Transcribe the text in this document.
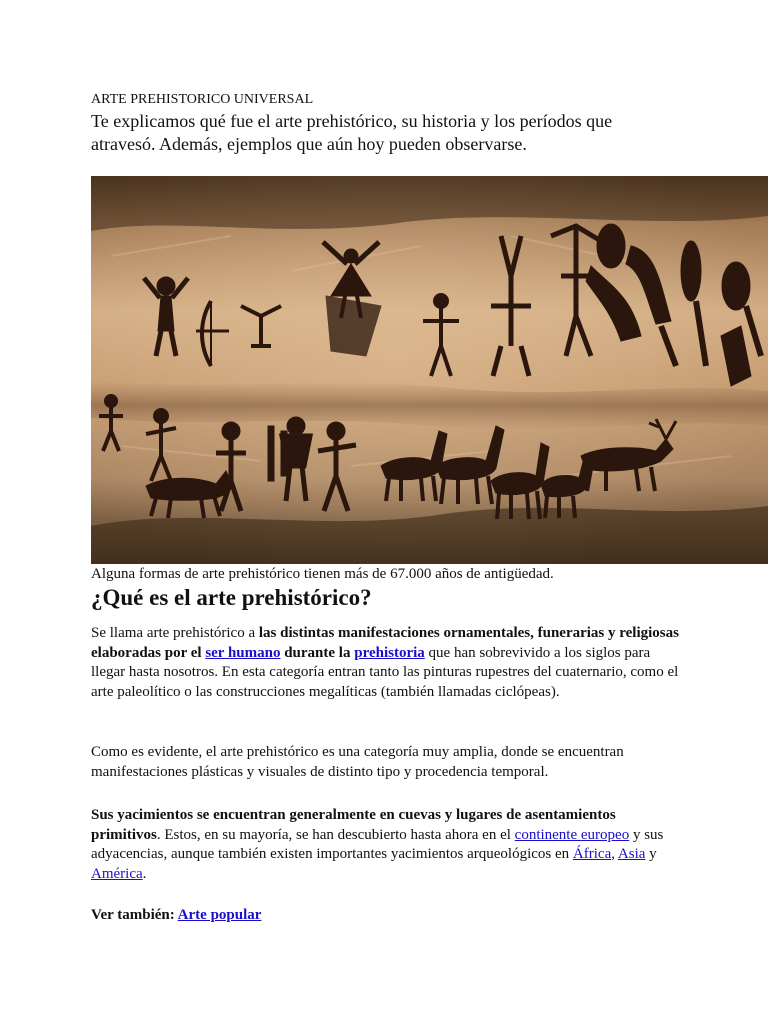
ARTE PREHISTORICO UNIVERSAL

Te explicamos qué fue el arte prehistórico, su historia y los períodos que atravesó. Además, ejemplos que aún hoy pueden observarse.

Alguna formas de arte prehistórico tienen más de 67.000 años de antigüedad.

¿Qué es el arte prehistórico?

Se llama arte prehistórico a las distintas manifestaciones ornamentales, funerarias y religiosas elaboradas por el ser humano durante la prehistoria que han sobrevivido a los siglos para llegar hasta nosotros. En esta categoría entran tanto las pinturas rupestres del cuaternario, como el arte paleolítico o las construcciones megalíticas (también llamadas ciclópeas).

Como es evidente, el arte prehistórico es una categoría muy amplia, donde se encuentran manifestaciones plásticas y visuales de distinto tipo y procedencia temporal.

Sus yacimientos se encuentran generalmente en cuevas y lugares de asentamientos primitivos. Estos, en su mayoría, se han descubierto hasta ahora en el continente europeo y sus adyacencias, aunque también existen importantes yacimientos arqueológicos en África, Asia y América.

Ver también: Arte popular
